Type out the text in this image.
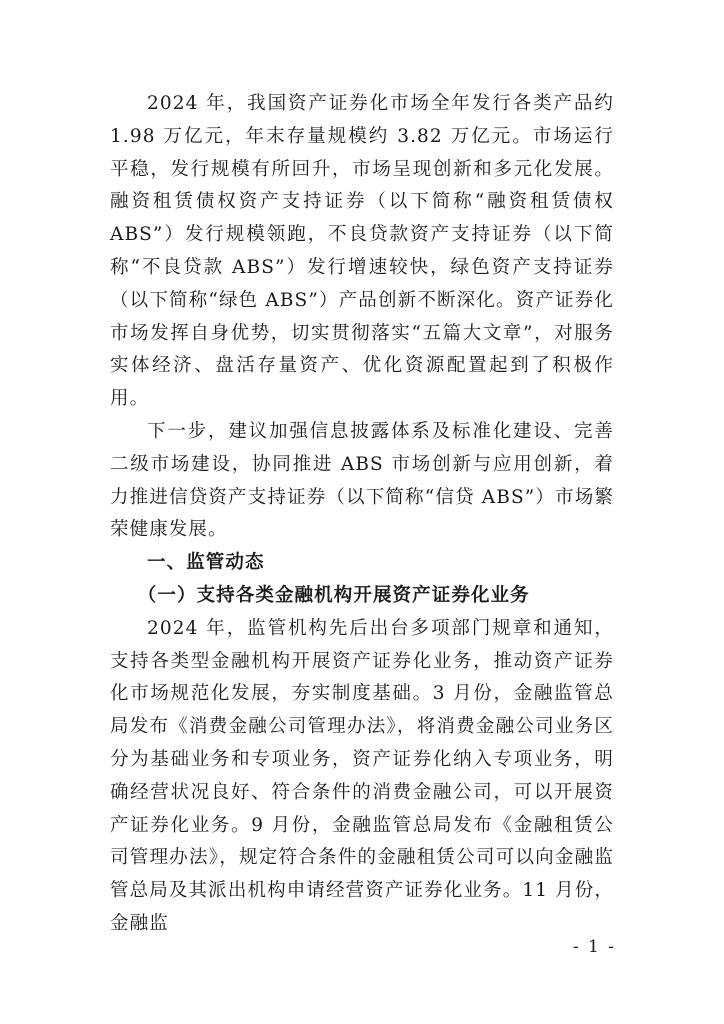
2024 年，我国资产证券化市场全年发行各类产品约 1.98 万亿元，年末存量规模约 3.82 万亿元。市场运行平稳，发行规模有所回升，市场呈现创新和多元化发展。融资租赁债权资产支持证券（以下简称“融资租赁债权 ABS”）发行规模领跑，不良贷款资产支持证券（以下简称“不良贷款 ABS”）发行增速较快，绿色资产支持证券（以下简称“绿色 ABS”）产品创新不断深化。资产证券化市场发挥自身优势，切实贯彻落实“五篇大文章”，对服务实体经济、盘活存量资产、优化资源配置起到了积极作用。

下一步，建议加强信息披露体系及标准化建设、完善二级市场建设，协同推进 ABS 市场创新与应用创新，着力推进信贷资产支持证券（以下简称“信贷 ABS”）市场繁荣健康发展。

一、监管动态

（一）支持各类金融机构开展资产证券化业务

2024 年，监管机构先后出台多项部门规章和通知，支持各类型金融机构开展资产证券化业务，推动资产证券化市场规范化发展，夯实制度基础。3 月份，金融监管总局发布《消费金融公司管理办法》，将消费金融公司业务区分为基础业务和专项业务，资产证券化纳入专项业务，明确经营状况良好、符合条件的消费金融公司，可以开展资产证券化业务。9 月份，金融监管总局发布《金融租赁公司管理办法》，规定符合条件的金融租赁公司可以向金融监管总局及其派出机构申请经营资产证券化业务。11 月份，金融监

- 1 -
